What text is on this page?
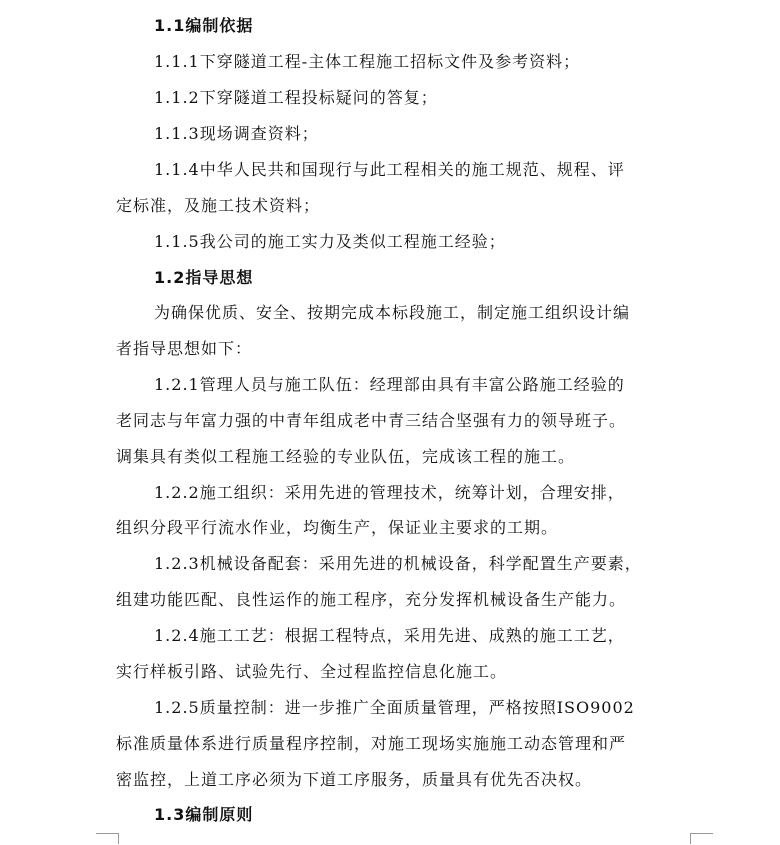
1.1编制依据
1.1.1下穿隧道工程-主体工程施工招标文件及参考资料；
1.1.2下穿隧道工程投标疑问的答复；
1.1.3现场调查资料；
1.1.4中华人民共和国现行与此工程相关的施工规范、规程、评
定标准，及施工技术资料；
1.1.5我公司的施工实力及类似工程施工经验；
1.2指导思想
为确保优质、安全、按期完成本标段施工，制定施工组织设计编
者指导思想如下：
1.2.1管理人员与施工队伍：经理部由具有丰富公路施工经验的
老同志与年富力强的中青年组成老中青三结合坚强有力的领导班子。
调集具有类似工程施工经验的专业队伍，完成该工程的施工。
1.2.2施工组织：采用先进的管理技术，统筹计划，合理安排，
组织分段平行流水作业，均衡生产，保证业主要求的工期。
1.2.3机械设备配套：采用先进的机械设备，科学配置生产要素，
组建功能匹配、良性运作的施工程序，充分发挥机械设备生产能力。
1.2.4施工工艺：根据工程特点，采用先进、成熟的施工工艺，
实行样板引路、试验先行、全过程监控信息化施工。
1.2.5质量控制：进一步推广全面质量管理，严格按照ISO9002
标准质量体系进行质量程序控制，对施工现场实施施工动态管理和严
密监控，上道工序必须为下道工序服务，质量具有优先否决权。
1.3编制原则
